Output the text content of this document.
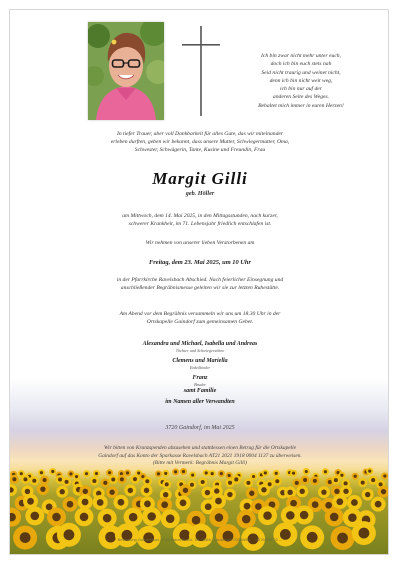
Ich bin zwar nicht mehr unter euch,
doch ich bin euch stets nah
Seid nicht traurig und weinet nicht,
denn ich bin nicht weit weg,
ich bin nur auf der
anderen Seite des Weges.
Behaltet mich immer in euren Herzen!
In tiefer Trauer, aber voll Dankbarkeit für alles Gute, das wir miteinander
erleben durften, geben wir bekannt, dass unsere Mutter, Schwiegermutter, Oma,
Schwester, Schwägerin, Tante, Kusine und Freundin, Frau
Margit Gilli
geb. Höller
am Mittwoch, dem 14. Mai 2025, in den Mittagsstunden, nach kurzer,
schwerer Krankheit, im 71. Lebensjahr friedlich entschlafen ist.
Wir nehmen von unserer lieben Verstorbenen am
Freitag, dem 23. Mai 2025, um 10 Uhr
in der Pfarrkirche Ravelsbach Abschied. Nach feierlicher Einsegnung und
anschließender Begräbnismesse geleiten wir sie zur letzten Ruhestätte.
Am Abend vor dem Begräbnis versammeln wir uns um 18.30 Uhr in der
Ortskapelle Gaindorf zum gemeinsamen Gebet.
Alexandra und Michael, Isabella und Andreas
Töchter und Schwiegersöhne
Clemens und Mariella
Enkelkinder
Franz
Bruder
samt Familie
im Namen aller Verwandten
3720 Gaindorf, im Mai 2025
Wir bitten von Kranzspenden abzusehen und stattdessen einen Betrag für die Ortskapelle
Gaindorf auf das Konto der Sparkasse Ravelsbach AT21 2021 1918 0004 1137 zu überweisen.
(Bitte mit Vermerk: Begräbnis Margit Gilli)
Bestattung Gnadenbad, 3720 Ravelsbach, Tel. 0664/... Auskunft: 02958/82 ... 0676/931 22 ...
